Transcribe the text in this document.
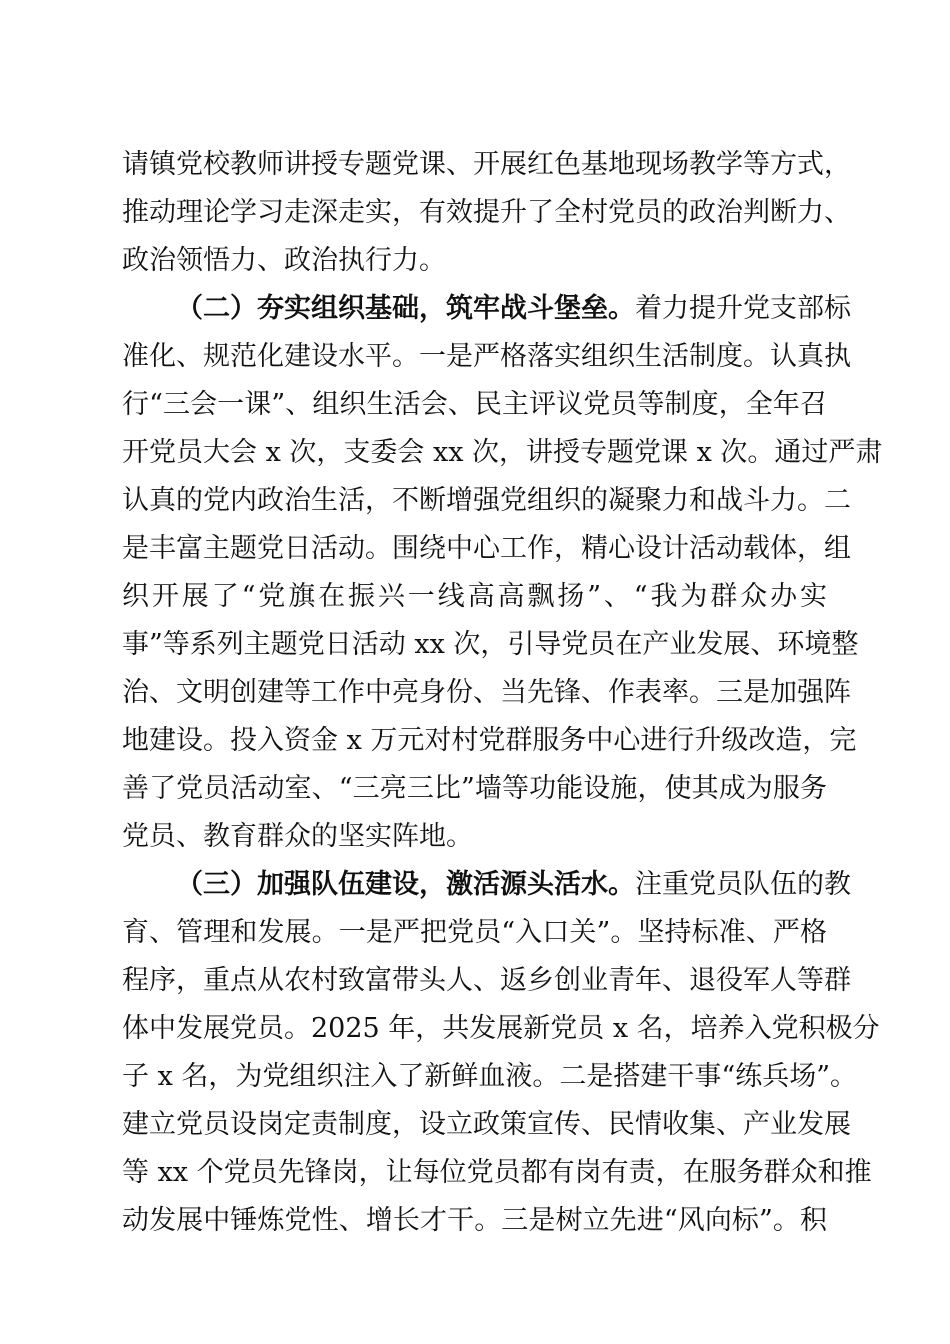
请镇党校教师讲授专题党课、开展红色基地现场教学等方式，
推动理论学习走深走实，有效提升了全村党员的政治判断力、
政治领悟力、政治执行力。
（二）夯实组织基础，筑牢战斗堡垒。着力提升党支部标
准化、规范化建设水平。一是严格落实组织生活制度。认真执
行“三会一课”、组织生活会、民主评议党员等制度，全年召
开党员大会 x 次，支委会 xx 次，讲授专题党课 x 次。通过严肃
认真的党内政治生活，不断增强党组织的凝聚力和战斗力。二
是丰富主题党日活动。围绕中心工作，精心设计活动载体，组
织开展了“党旗在振兴一线高高飘扬”、“我为群众办实
事”等系列主题党日活动 xx 次，引导党员在产业发展、环境整
治、文明创建等工作中亮身份、当先锋、作表率。三是加强阵
地建设。投入资金 x 万元对村党群服务中心进行升级改造，完
善了党员活动室、“三亮三比”墙等功能设施，使其成为服务
党员、教育群众的坚实阵地。
（三）加强队伍建设，激活源头活水。注重党员队伍的教
育、管理和发展。一是严把党员“入口关”。坚持标准、严格
程序，重点从农村致富带头人、返乡创业青年、退役军人等群
体中发展党员。2025 年，共发展新党员 x 名，培养入党积极分
子 x 名，为党组织注入了新鲜血液。二是搭建干事“练兵场”。
建立党员设岗定责制度，设立政策宣传、民情收集、产业发展
等 xx 个党员先锋岗，让每位党员都有岗有责，在服务群众和推
动发展中锤炼党性、增长才干。三是树立先进“风向标”。积
